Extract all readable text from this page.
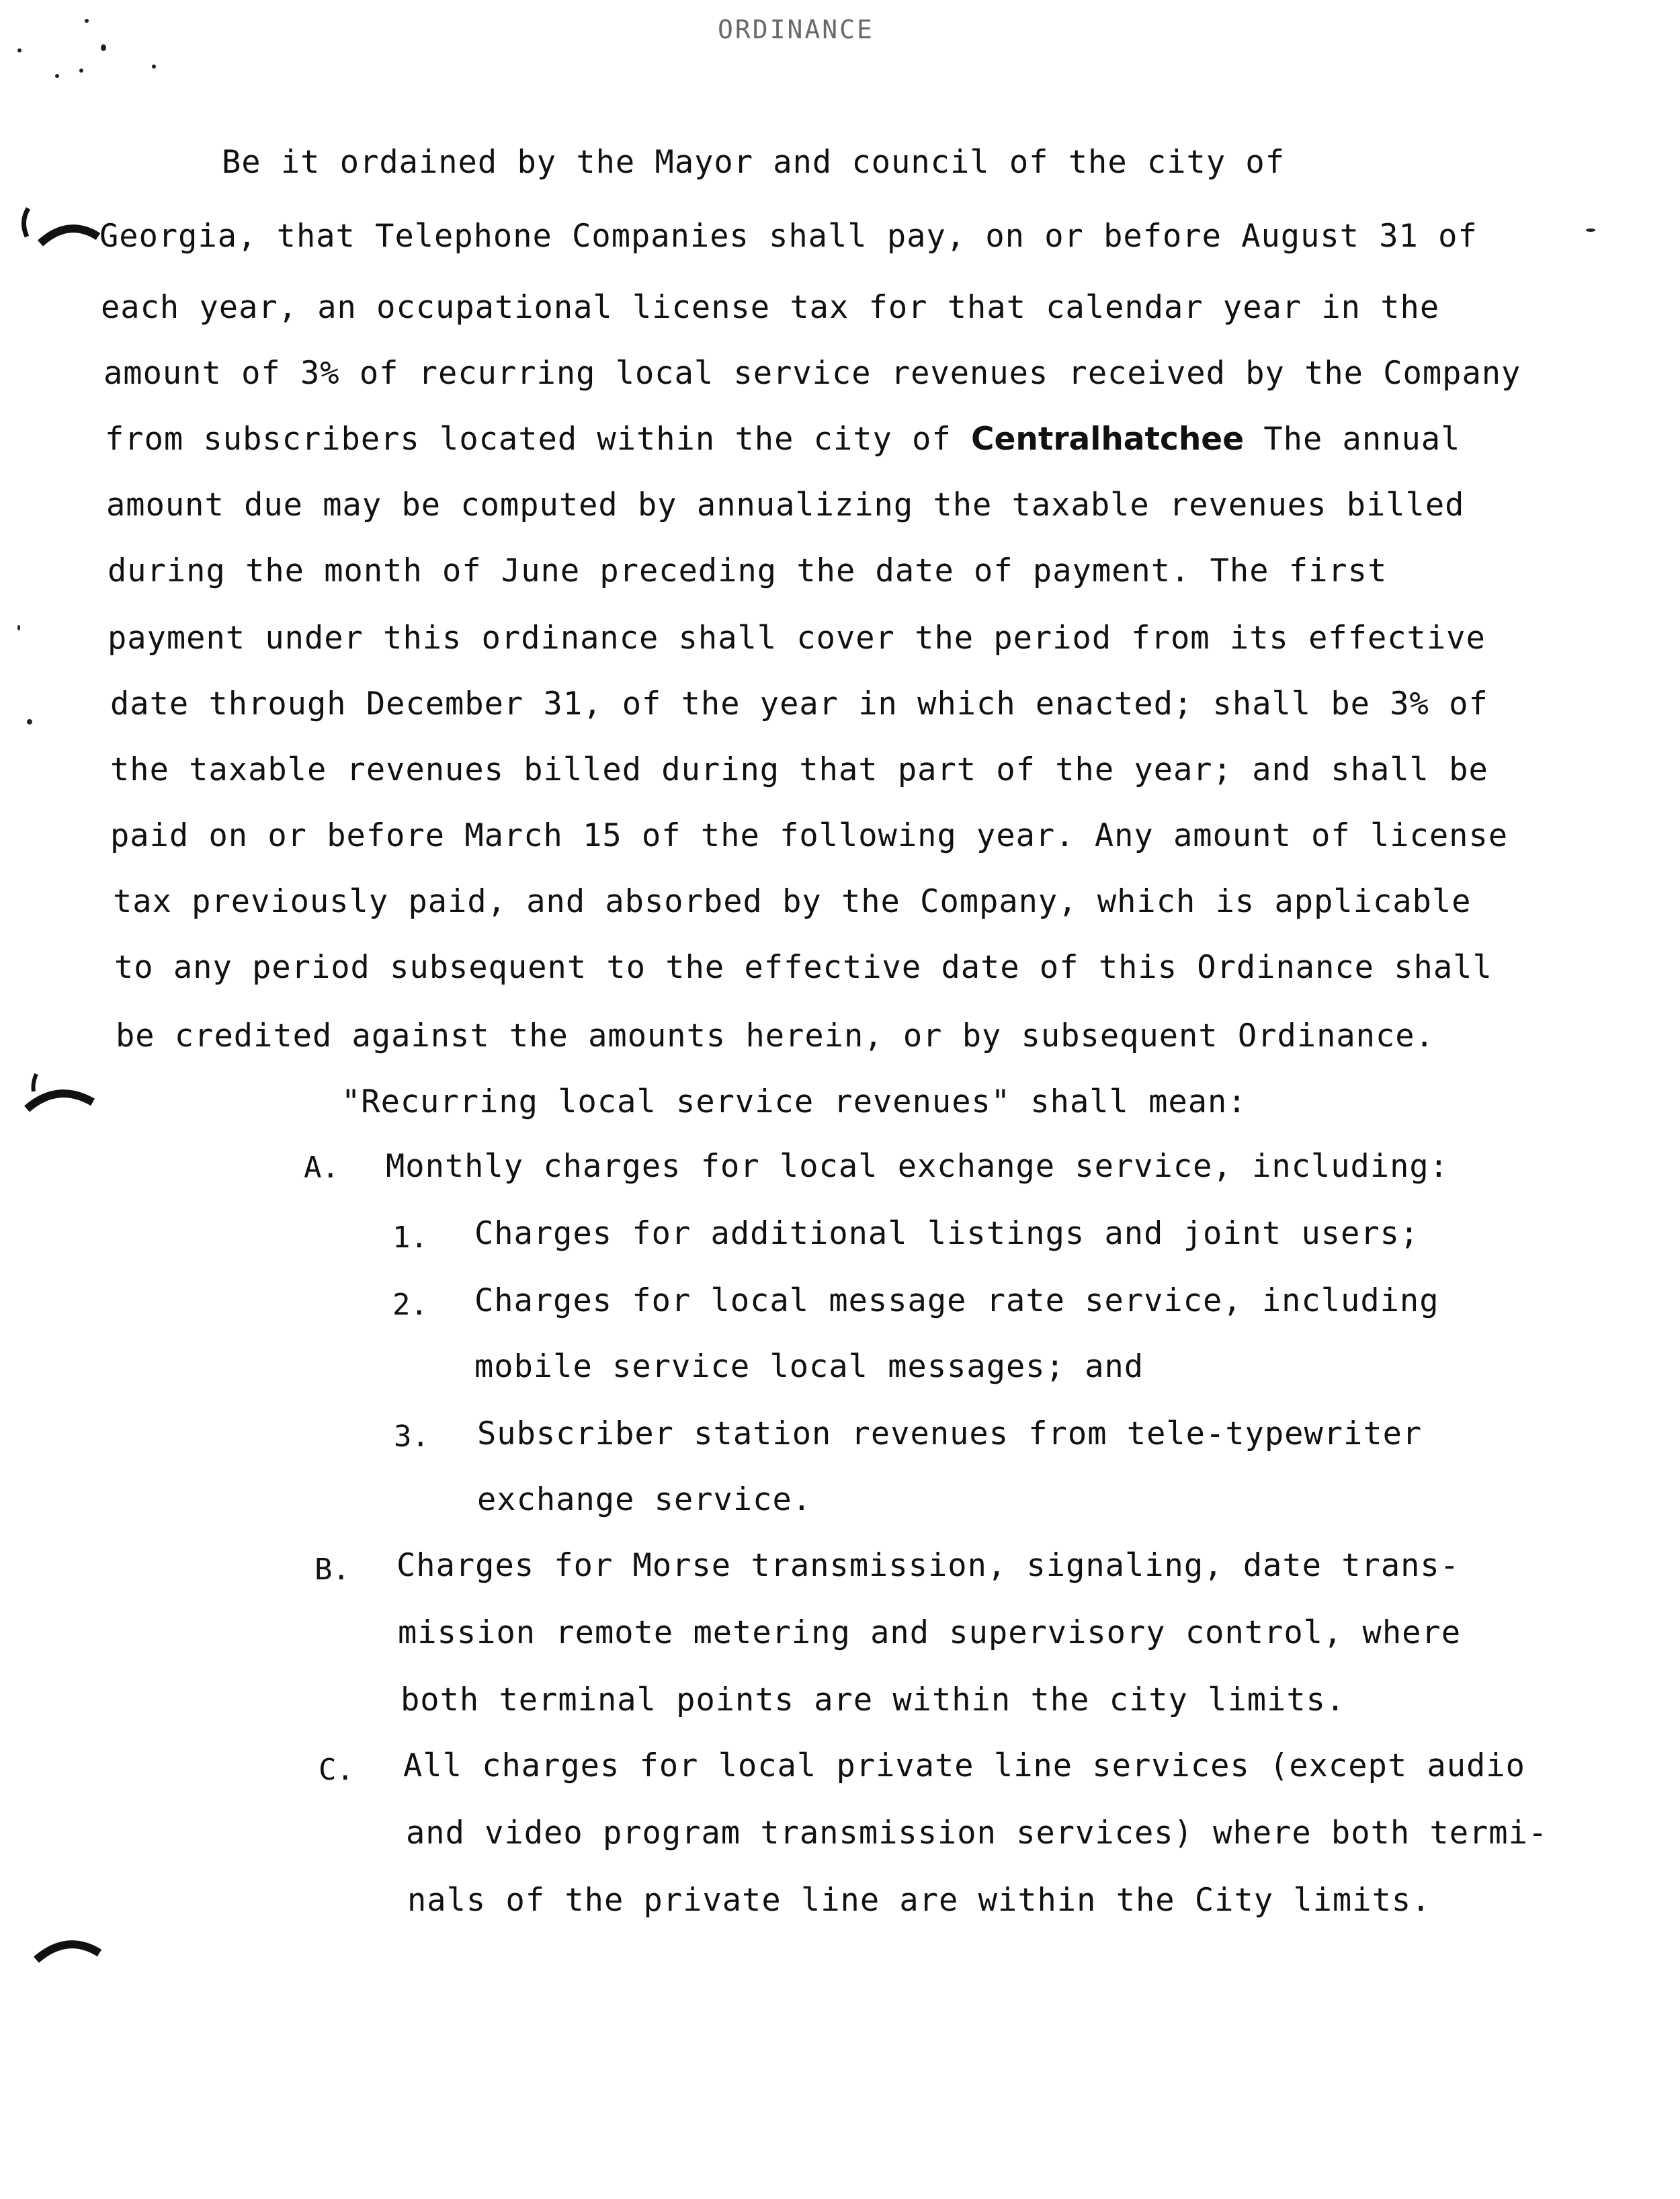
ORDINANCE
Be it ordained by the Mayor and council of the city of
Georgia, that Telephone Companies shall pay, on or before August 31 of
each year, an occupational license tax for that calendar year in the
amount of 3% of recurring local service revenues received by the Company
from subscribers located within the city of Centralhatchee The annual
amount due may be computed by annualizing the taxable revenues billed
during the month of June preceding the date of payment. The first
payment under this ordinance shall cover the period from its effective
date through December 31, of the year in which enacted; shall be 3% of
the taxable revenues billed during that part of the year; and shall be
paid on or before March 15 of the following year. Any amount of license
tax previously paid, and absorbed by the Company, which is applicable
to any period subsequent to the effective date of this Ordinance shall
be credited against the amounts herein, or by subsequent Ordinance.
"Recurring local service revenues" shall mean:
A. Monthly charges for local exchange service, including:
1. Charges for additional listings and joint users;
2. Charges for local message rate service, including
mobile service local messages; and
3. Subscriber station revenues from tele-typewriter
exchange service.
B. Charges for Morse transmission, signaling, date trans-
mission remote metering and supervisory control, where
both terminal points are within the city limits.
C. All charges for local private line services (except audio
and video program transmission services) where both termi-
nals of the private line are within the City limits.
